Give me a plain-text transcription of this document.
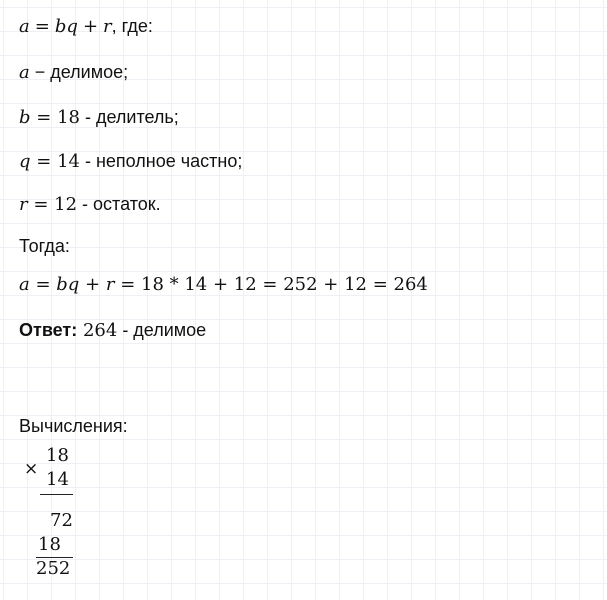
a = bq + r, где:
a − делимое;
b = 18 - делитель;
q = 14 - неполное частно;
r = 12 - остаток.
Тогда:
a = bq + r = 18 * 14 + 12 = 252 + 12 = 264
Ответ: 264 - делимое
Вычисления:
×
18
14
72
18
252
